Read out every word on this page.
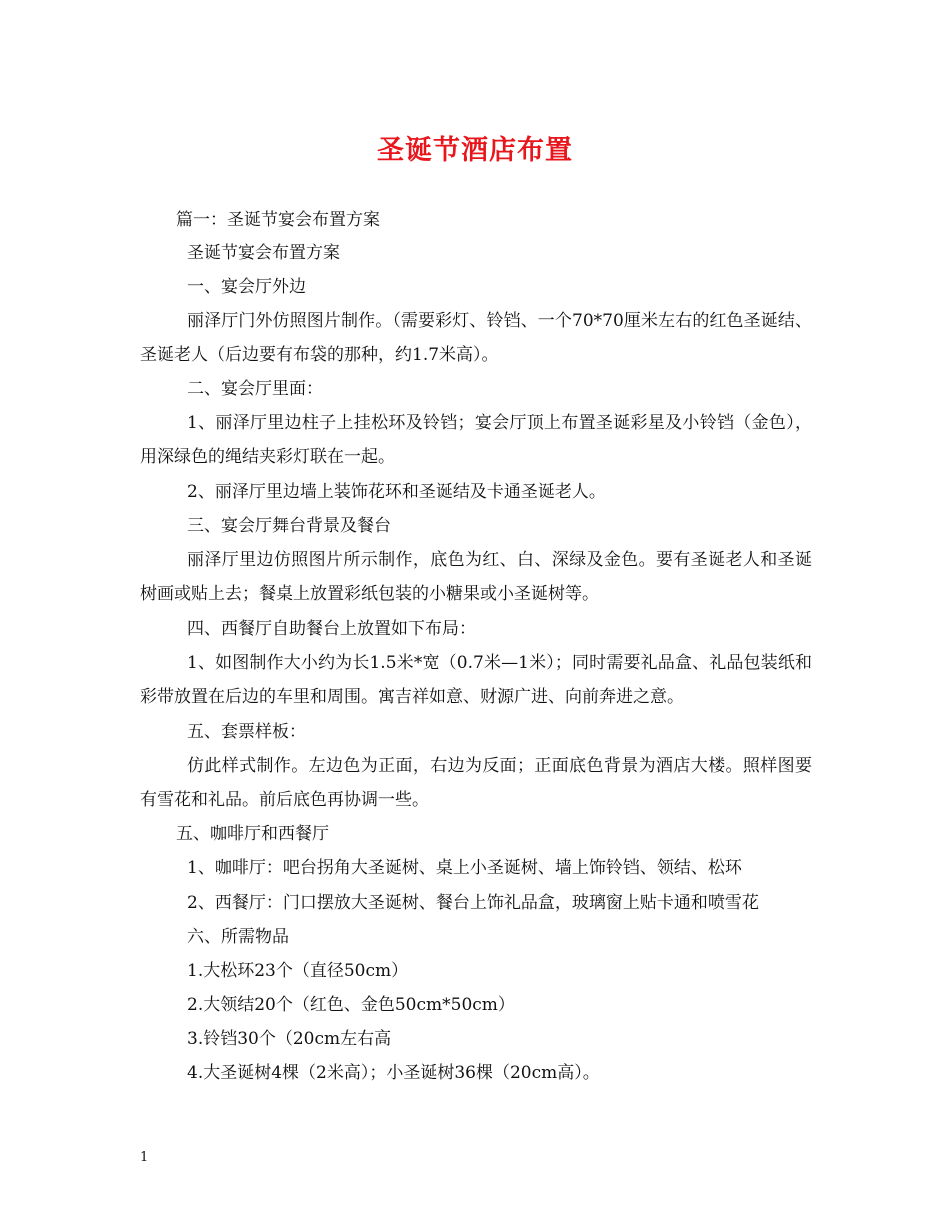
圣诞节酒店布置
篇一：圣诞节宴会布置方案
圣诞节宴会布置方案
一、宴会厅外边

丽泽厅门外仿照图片制作。（需要彩灯、铃铛、一个70*70厘米左右的红色圣诞结、圣诞老人（后边要有布袋的那种，约1.7米高）。

二、宴会厅里面：

1、丽泽厅里边柱子上挂松环及铃铛；宴会厅顶上布置圣诞彩星及小铃铛（金色），用深绿色的绳结夹彩灯联在一起。

2、丽泽厅里边墙上装饰花环和圣诞结及卡通圣诞老人。
三、宴会厅舞台背景及餐台

丽泽厅里边仿照图片所示制作，底色为红、白、深绿及金色。要有圣诞老人和圣诞树画或贴上去；餐桌上放置彩纸包装的小糖果或小圣诞树等。

四、西餐厅自助餐台上放置如下布局：

1、如图制作大小约为长1.5米*宽（0.7米—1米）；同时需要礼品盒、礼品包装纸和彩带放置在后边的车里和周围。寓吉祥如意、财源广进、向前奔进之意。

五、套票样板：

仿此样式制作。左边色为正面，右边为反面；正面底色背景为酒店大楼。照样图要有雪花和礼品。前后底色再协调一些。

五、咖啡厅和西餐厅
1、咖啡厅：吧台拐角大圣诞树、桌上小圣诞树、墙上饰铃铛、领结、松环
2、西餐厅：门口摆放大圣诞树、餐台上饰礼品盒，玻璃窗上贴卡通和喷雪花
六、所需物品
1.大松环23个（直径50cm）
2.大领结20个（红色、金色50cm*50cm）
3.铃铛30个（20cm左右高
4.大圣诞树4棵（2米高）；小圣诞树36棵（20cm高）。
1
